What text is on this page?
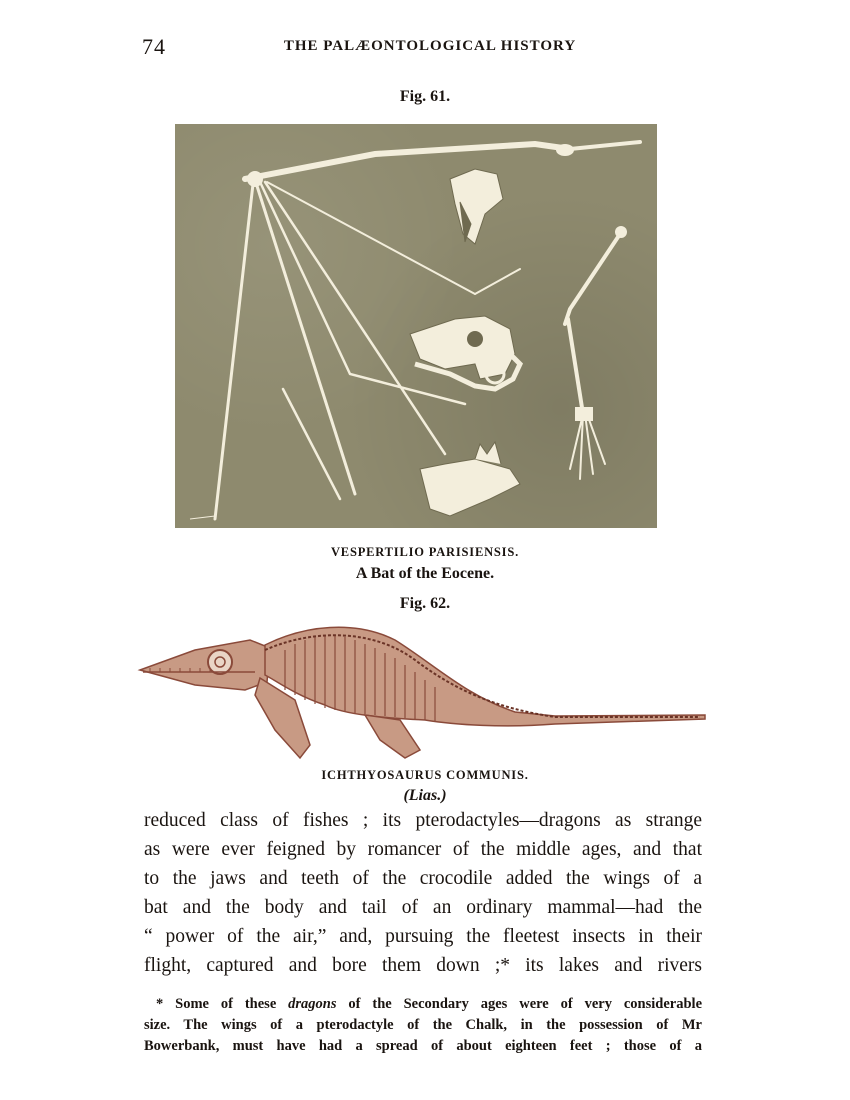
74	THE PALÆONTOLOGICAL HISTORY
Fig. 61.
VESPERTILIO PARISIENSIS.
A Bat of the Eocene.
Fig. 62.
ICHTHYOSAURUS COMMUNIS.
(Lias.)
reduced class of fishes ; its pterodactyles—dragons as strange
as were ever feigned by romancer of the middle ages, and that
to the jaws and teeth of the crocodile added the wings of a
bat and the body and tail of an ordinary mammal—had the
“ power of the air,” and, pursuing the fleetest insects in their
flight, captured and bore them down ;* its lakes and rivers
* Some of these dragons of the Secondary ages were of very considerable
size. The wings of a pterodactyle of the Chalk, in the possession of Mr
Bowerbank, must have had a spread of about eighteen feet ; those of a
